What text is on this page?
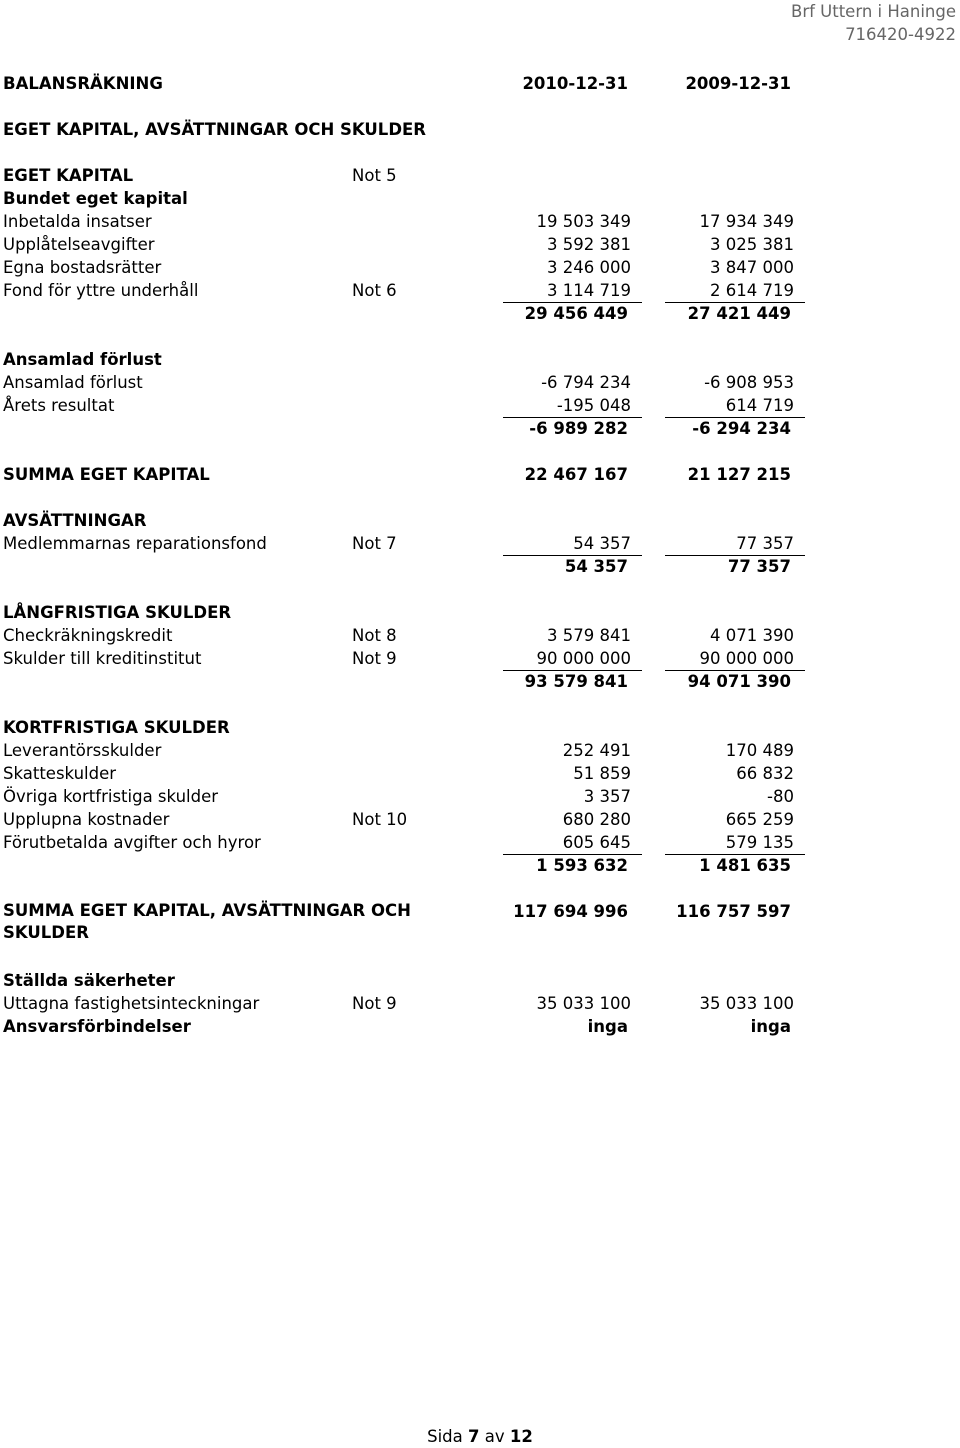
Brf Uttern i Haninge
716420-4922
BALANSRÄKNING	2010-12-31	2009-12-31
EGET KAPITAL, AVSÄTTNINGAR OCH SKULDER
EGET KAPITAL	Not 5
Bundet eget kapital
Inbetalda insatser	19 503 349	17 934 349
Upplåtelseavgifter	3 592 381	3 025 381
Egna bostadsrätter	3 246 000	3 847 000
Fond för yttre underhåll	Not 6	3 114 719	2 614 719
29 456 449	27 421 449
Ansamlad förlust
Ansamlad förlust	-6 794 234	-6 908 953
Årets resultat	-195 048	614 719
-6 989 282	-6 294 234
SUMMA EGET KAPITAL	22 467 167	21 127 215
AVSÄTTNINGAR
Medlemmarnas reparationsfond	Not 7	54 357	77 357
54 357	77 357
LÅNGFRISTIGA SKULDER
Checkräkningskredit	Not 8	3 579 841	4 071 390
Skulder till kreditinstitut	Not 9	90 000 000	90 000 000
93 579 841	94 071 390
KORTFRISTIGA SKULDER
Leverantörsskulder	252 491	170 489
Skatteskulder	51 859	66 832
Övriga kortfristiga skulder	3 357	-80
Upplupna kostnader	Not 10	680 280	665 259
Förutbetalda avgifter och hyror	605 645	579 135
1 593 632	1 481 635
SUMMA EGET KAPITAL, AVSÄTTNINGAR OCH SKULDER
117 694 996	116 757 597
Ställda säkerheter
Uttagna fastighetsinteckningar	Not 9	35 033 100	35 033 100
Ansvarsförbindelser	inga	inga
Sida 7 av 12
